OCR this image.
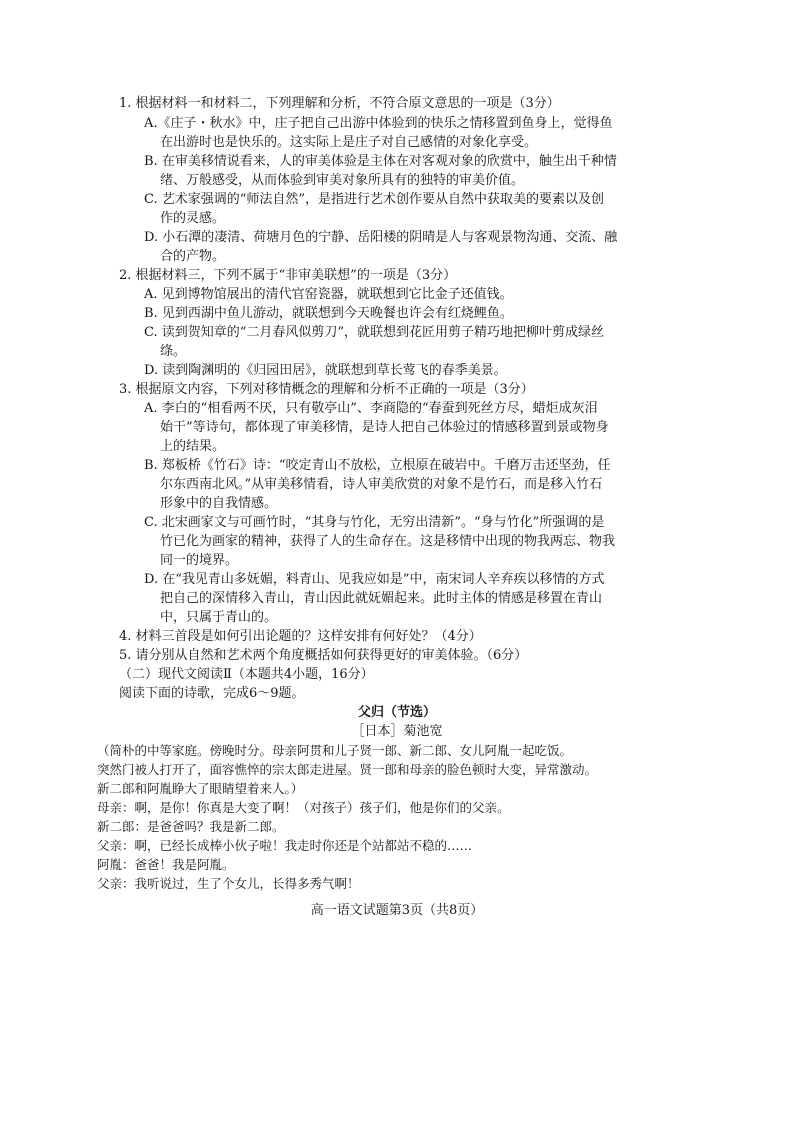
1. 根据材料一和材料二，下列理解和分析，不符合原文意思的一项是（3分）
A.《庄子・秋水》中，庄子把自己出游中体验到的快乐之情移置到鱼身上，觉得鱼
在出游时也是快乐的。这实际上是庄子对自己感情的对象化享受。
B. 在审美移情说看来，人的审美体验是主体在对客观对象的欣赏中，触生出千种情
绪、万般感受，从而体验到审美对象所具有的独特的审美价值。
C. 艺术家强调的“师法自然”，是指进行艺术创作要从自然中获取美的要素以及创
作的灵感。
D. 小石潭的凄清、荷塘月色的宁静、岳阳楼的阴晴是人与客观景物沟通、交流、融
合的产物。
2. 根据材料三，下列不属于“非审美联想”的一项是（3分）
A. 见到博物馆展出的清代官窑瓷器，就联想到它比金子还值钱。
B. 见到西湖中鱼儿游动，就联想到今天晚餐也许会有红烧鲤鱼。
C. 读到贺知章的“二月春风似剪刀”，就联想到花匠用剪子精巧地把柳叶剪成绿丝
绦。
D. 读到陶渊明的《归园田居》，就联想到草长莺飞的春季美景。
3. 根据原文内容，下列对移情概念的理解和分析不正确的一项是（3分）
A. 李白的“相看两不厌，只有敬亭山”、李商隐的“春蚕到死丝方尽，蜡炬成灰泪
始干”等诗句，都体现了审美移情，是诗人把自己体验过的情感移置到景或物身
上的结果。
B. 郑板桥《竹石》诗：“咬定青山不放松，立根原在破岩中。千磨万击还坚劲，任
尔东西南北风。”从审美移情看，诗人审美欣赏的对象不是竹石，而是移入竹石
形象中的自我情感。
C. 北宋画家文与可画竹时，“其身与竹化，无穷出清新”。“身与竹化”所强调的是
竹已化为画家的精神，获得了人的生命存在。这是移情中出现的物我两忘、物我
同一的境界。
D. 在“我见青山多妩媚，料青山、见我应如是”中，南宋词人辛弃疾以移情的方式
把自己的深情移入青山，青山因此就妩媚起来。此时主体的情感是移置在青山
中，只属于青山的。
4. 材料三首段是如何引出论题的？这样安排有何好处？（4分）
5. 请分别从自然和艺术两个角度概括如何获得更好的审美体验。（6分）
（二）现代文阅读Ⅱ（本题共4小题，16分）
阅读下面的诗歌，完成6～9题。
父归（节选）
［日本］菊池宽
（简朴的中等家庭。傍晚时分。母亲阿贯和儿子贤一郎、新二郎、女儿阿胤一起吃饭。
突然门被人打开了，面容憔悴的宗太郎走进屋。贤一郎和母亲的脸色顿时大变，异常激动。
新二郎和阿胤睁大了眼睛望着来人。）
母亲：啊，是你！你真是大变了啊！（对孩子）孩子们，他是你们的父亲。
新二郎：是爸爸吗？我是新二郎。
父亲：啊，已经长成棒小伙子啦！我走时你还是个站都站不稳的……
阿胤：爸爸！我是阿胤。
父亲：我听说过，生了个女儿，长得多秀气啊！
高一语文试题第3页（共8页）
